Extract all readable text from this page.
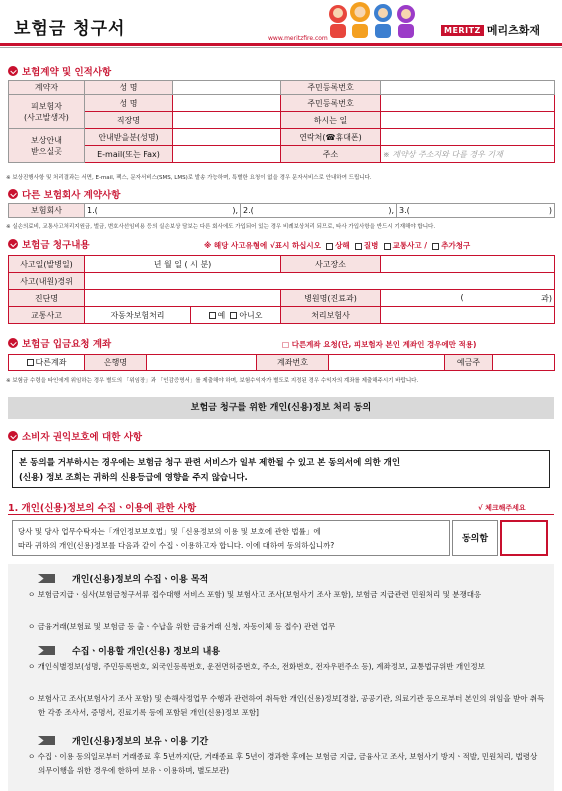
보험금 청구서	www.meritzfire.com
MERITZ 메리츠화재
보험계약 및 인적사항
계약자	성 명		주민등록번호	
피보험자
(사고발생자)	성 명		주민등록번호	
	직장명		하시는 일	
보상안내
받으실곳	안내받을분(성명)		연락처(☎휴대폰)	
	E-mail(또는 Fax)		주소	※ 계약상 주소지와 다를 경우 기재
※ 보상진행사항 및 처리결과는 서면, E-mail, 팩스, 문자서비스(SMS, LMS)로 발송 가능하며, 특별한 요청이 없을 경우 문자서비스로 안내하여 드립니다.
다른 보험회사 계약사항
보험회사	1.(	),	2.(	),	3.(	)
※ 실손의료비, 교통사고처리지원금, 벌금, 변호사선임비용 등의 실손보상 담보는 다른 회사에도 가입되어 있는 경우 비례보상처리 되므로, 타사 가입사항을 반드시 기재해야 합니다.
보험금 청구내용	※ 해당 사고유형에 √표시 하십시오 상해 질병 교통사고 / 추가청구
사고일(발병일)	년 월 일 ( 시 분)		사고장소	
사고(내원)경위				
진단명			병원명(진료과)	( 과)

교통사고	자동차보험처리	예 아니오	처리보험사	
보험금 입금요청 계좌	□ 다른계좌 요청(단, 피보험자 본인 계좌인 경우에만 적용)
다른계좌	은행명		계좌번호		예금주	
※ 보험금 수령을 타인에게 위임하는 경우 별도의 「위임장」과 「인감증명서」를 제출해야 하며, 보험수익자가 별도로 지정된 경우 수익자의 계좌를 제출해주시기 바랍니다.
보험금 청구를 위한 개인(신용)정보 처리 동의
소비자 권익보호에 대한 사항
본 동의를 거부하시는 경우에는 보험금 청구 관련 서비스가 일부 제한될 수 있고 본 동의서에 의한 개인
(신용) 정보 조회는 귀하의 신용등급에 영향을 주지 않습니다.
1. 개인(신용)정보의 수집ㆍ이용에 관한 사항	√ 체크해주세요
당사 및 당사 업무수탁자는「개인정보보호법」및「신용정보의 이용 및 보호에 관한 법률」에
따라 귀하의 개인(신용)정보를 다음과 같이 수집ㆍ이용하고자 합니다. 이에 대하여 동의하십니까?
동의함
개인(신용)정보의 수집ㆍ이용 목적
ㅇ 보험금지급ㆍ심사(보험금청구서류 접수대행 서비스 포함) 및 보험사고 조사(보험사기 조사 포함), 보험금 지급관련 민원처리 및 분쟁대응
ㅇ 금융거래(보험료 및 보험금 등 출ㆍ수납을 위한 금융거래 신청, 자동이체 등 접수) 관련 업무
수집ㆍ이용할 개인(신용) 정보의 내용
ㅇ 개인식별정보(성명, 주민등록번호, 외국인등록번호, 운전면허증번호, 주소, 전화번호, 전자우편주소 등), 계좌정보, 교통법규위반 개인정보
ㅇ 보험사고 조사(보험사기 조사 포함) 및 손해사정업무 수행과 관련하여 취득한 개인(신용)정보[경찰, 공공기관, 의료기관 등으로부터 본인의 위임을 받아 취득한 각종 조사서, 증명서, 진료기록 등에 포함된 개인(신용)정보 포함]
개인(신용)정보의 보유ㆍ이용 기간
ㅇ 수집ㆍ이용 동의일로부터 거래종료 후 5년까지(단, 거래종료 후 5년이 경과한 후에는 보험금 지급, 금융사고 조사, 보험사기 방지ㆍ적발, 민원처리, 법령상 의무이행을 위한 경우에 한하여 보유ㆍ이용하며, 별도보관)
